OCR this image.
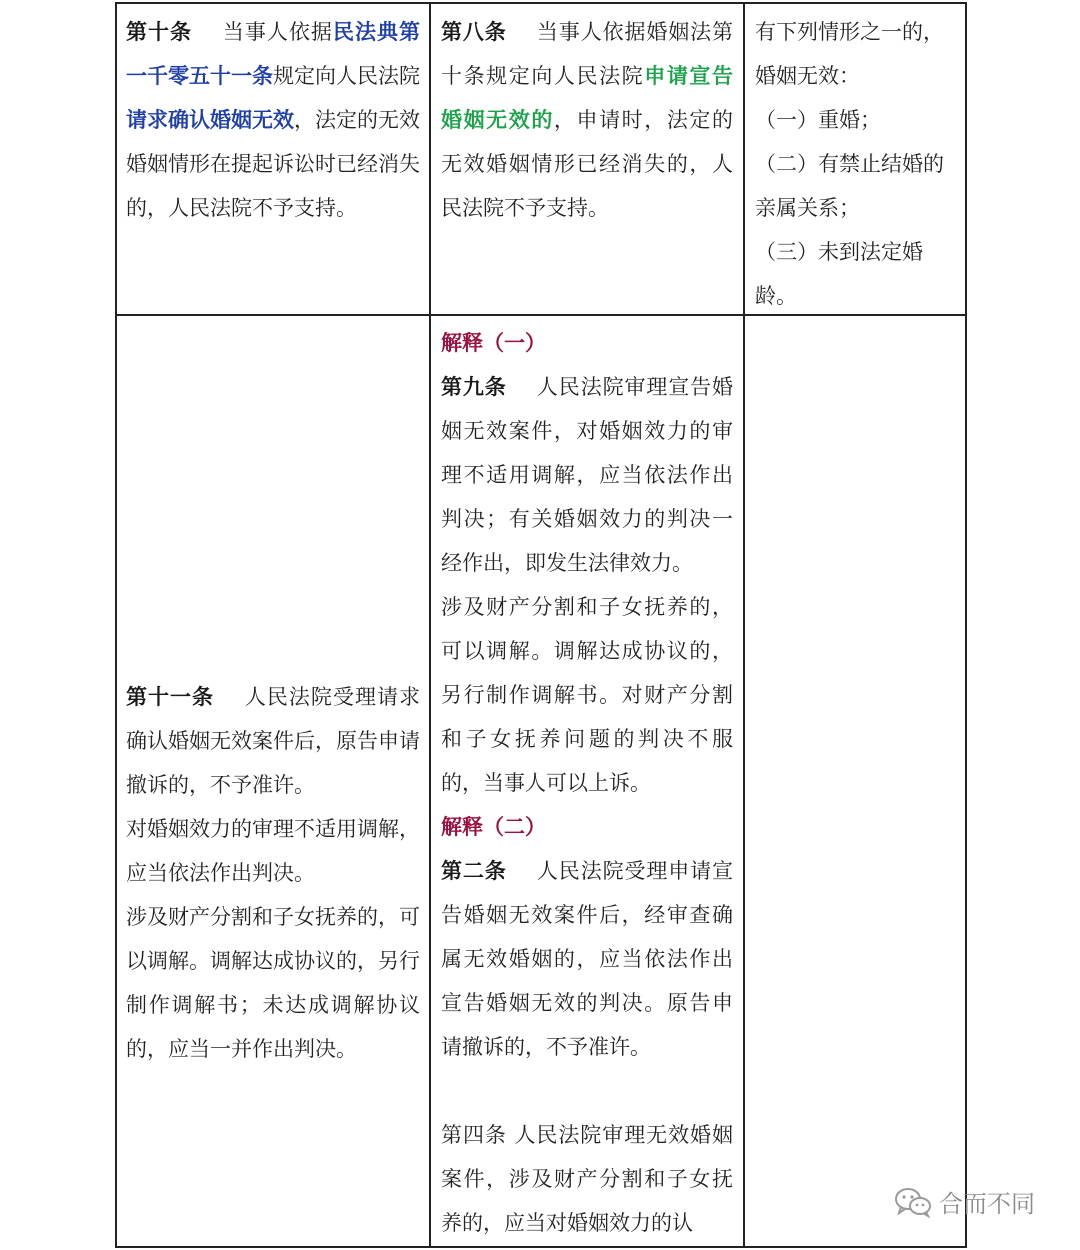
第十条 当事人依据民法典第一千零五十一条规定向人民法院请求确认婚姻无效，法定的无效婚姻情形在提起诉讼时已经消失的，人民法院不予支持。

第八条 当事人依据婚姻法第十条规定向人民法院申请宣告婚姻无效的，申请时，法定的无效婚姻情形已经消失的，人民法院不予支持。

有下列情形之一的，婚姻无效：

（一）重婚；

（二）有禁止结婚的亲属关系；

（三）未到法定婚龄。

第十一条 人民法院受理请求确认婚姻无效案件后，原告申请撤诉的，不予准许。

对婚姻效力的审理不适用调解，应当依法作出判决。

涉及财产分割和子女抚养的，可以调解。调解达成协议的，另行制作调解书；未达成调解协议的，应当一并作出判决。

解释（一）

第九条 人民法院审理宣告婚姻无效案件，对婚姻效力的审理不适用调解，应当依法作出判决；有关婚姻效力的判决一经作出，即发生法律效力。

涉及财产分割和子女抚养的，可以调解。调解达成协议的，另行制作调解书。对财产分割和子女抚养问题的判决不服的，当事人可以上诉。

解释（二）

第二条 人民法院受理申请宣告婚姻无效案件后，经审查确属无效婚姻的，应当依法作出宣告婚姻无效的判决。原告申请撤诉的，不予准许。

第四条 人民法院审理无效婚姻案件，涉及财产分割和子女抚养的，应当对婚姻效力的认

合而不同
